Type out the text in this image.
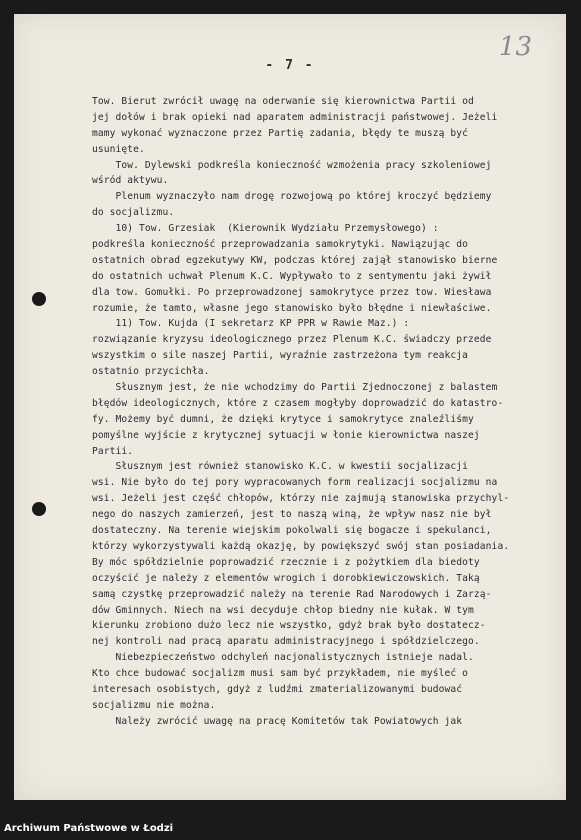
- 7 -
13
Tow. Bierut zwrócił uwagę na oderwanie się kierownictwa Partii od
jej dołów i brak opieki nad aparatem administracji państwowej. Jeżeli
mamy wykonać wyznaczone przez Partię zadania, błędy te muszą być
usunięte.
Tow. Dylewski podkreśla konieczność wzmożenia pracy szkoleniowej
wśród aktywu.
Plenum wyznaczyło nam drogę rozwojową po której kroczyć będziemy
do socjalizmu.
10) Tow. Grzesiak  (Kierownik Wydziału Przemysłowego) :
podkreśla konieczność przeprowadzania samokrytyki. Nawiązując do
ostatnich obrad egzekutywy KW, podczas której zajął stanowisko bierne
do ostatnich uchwał Plenum K.C. Wypływało to z sentymentu jaki żywił
dla tow. Gomułki. Po przeprowadzonej samokrytyce przez tow. Wiesława
rozumie, że tamto, własne jego stanowisko było błędne i niewłaściwe.
11) Tow. Kujda (I sekretarz KP PPR w Rawie Maz.) :
rozwiązanie kryzysu ideologicznego przez Plenum K.C. świadczy przede
wszystkim o sile naszej Partii, wyraźnie zastrzeżona tym reakcja
ostatnio przycichła.
Słusznym jest, że nie wchodzimy do Partii Zjednoczonej z balastem
błędów ideologicznych, które z czasem mogłyby doprowadzić do katastro-
fy. Możemy być dumni, że dzięki krytyce i samokrytyce znaleźliśmy
pomyślne wyjście z krytycznej sytuacji w łonie kierownictwa naszej
Partii.
Słusznym jest również stanowisko K.C. w kwestii socjalizacji
wsi. Nie było do tej pory wypracowanych form realizacji socjalizmu na
wsi. Jeżeli jest część chłopów, którzy nie zajmują stanowiska przychyl-
nego do naszych zamierzeń, jest to naszą winą, że wpływ nasz nie był
dostateczny. Na terenie wiejskim pokolwali się bogacze i spekulanci,
którzy wykorzystywali każdą okazję, by powiększyć swój stan posiadania.
By móc spółdzielnie poprowadzić rzecznie i z pożytkiem dla biedoty
oczyścić je należy z elementów wrogich i dorobkiewiczowskich. Taką
samą czystkę przeprowadzić należy na terenie Rad Narodowych i Zarzą-
dów Gminnych. Niech na wsi decyduje chłop biedny nie kułak. W tym
kierunku zrobiono dużo lecz nie wszystko, gdyż brak było dostatecz-
nej kontroli nad pracą aparatu administracyjnego i spółdzielczego.
Niebezpieczeństwo odchyleń nacjonalistycznych istnieje nadal.
Kto chce budować socjalizm musi sam być przykładem, nie myśleć o
interesach osobistych, gdyż z ludźmi zmaterializowanymi budować
socjalizmu nie można.
Należy zwrócić uwagę na pracę Komitetów tak Powiatowych jak
Archiwum Państwowe w Łodzi
